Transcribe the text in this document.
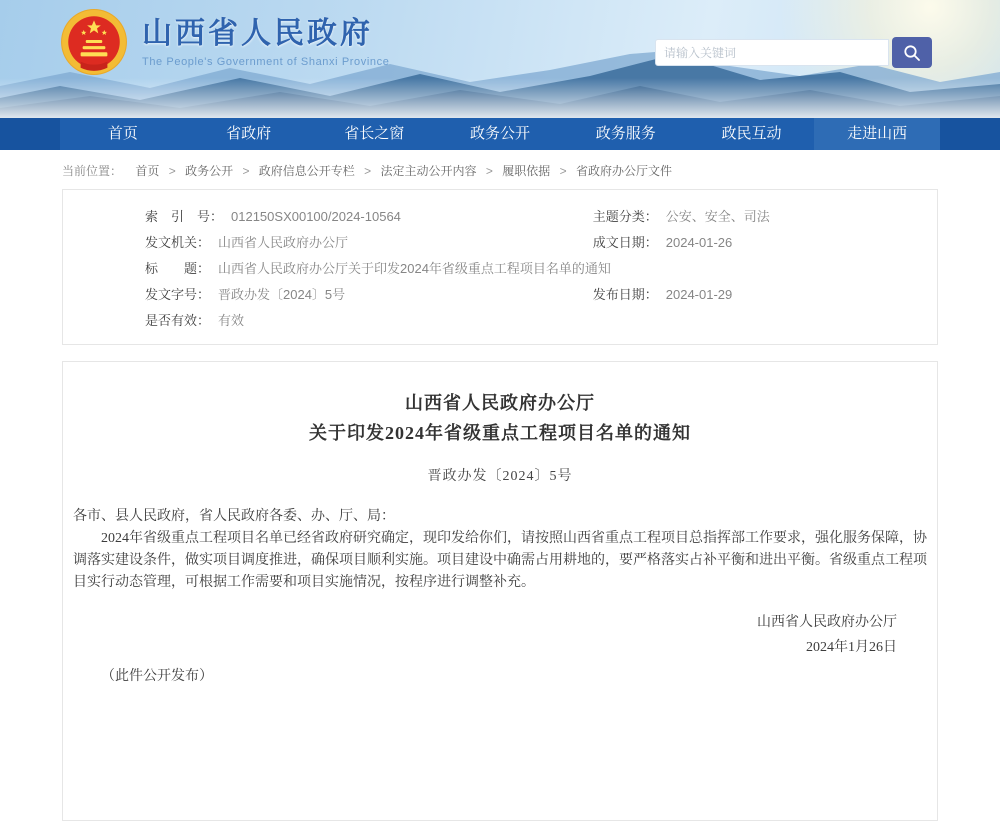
山西省人民政府
The People's Government of Shanxi Province
请输入关键词
首页	省政府	省长之窗	政务公开	政务服务	政民互动	走进山西
当前位置： 首页 > 政务公开 > 政府信息公开专栏 > 法定主动公开内容 > 履职依据 > 省政府办公厅文件
索　引　号： 012150SX00100/2024-10564	主题分类： 公安、安全、司法
发文机关： 山西省人民政府办公厅	成文日期： 2024-01-26
标　　题： 山西省人民政府办公厅关于印发2024年省级重点工程项目名单的通知
发文字号： 晋政办发〔2024〕5号	发布日期： 2024-01-29
是否有效： 有效
山西省人民政府办公厅
关于印发2024年省级重点工程项目名单的通知
晋政办发〔2024〕5号
各市、县人民政府，省人民政府各委、办、厅、局：
2024年省级重点工程项目名单已经省政府研究确定，现印发给你们，请按照山西省重点工程项目总指挥部工作要求，强化服务保障，协调落实建设条件，做实项目调度推进，确保项目顺利实施。项目建设中确需占用耕地的，要严格落实占补平衡和进出平衡。省级重点工程项目实行动态管理，可根据工作需要和项目实施情况，按程序进行调整补充。
山西省人民政府办公厅
2024年1月26日
（此件公开发布）
